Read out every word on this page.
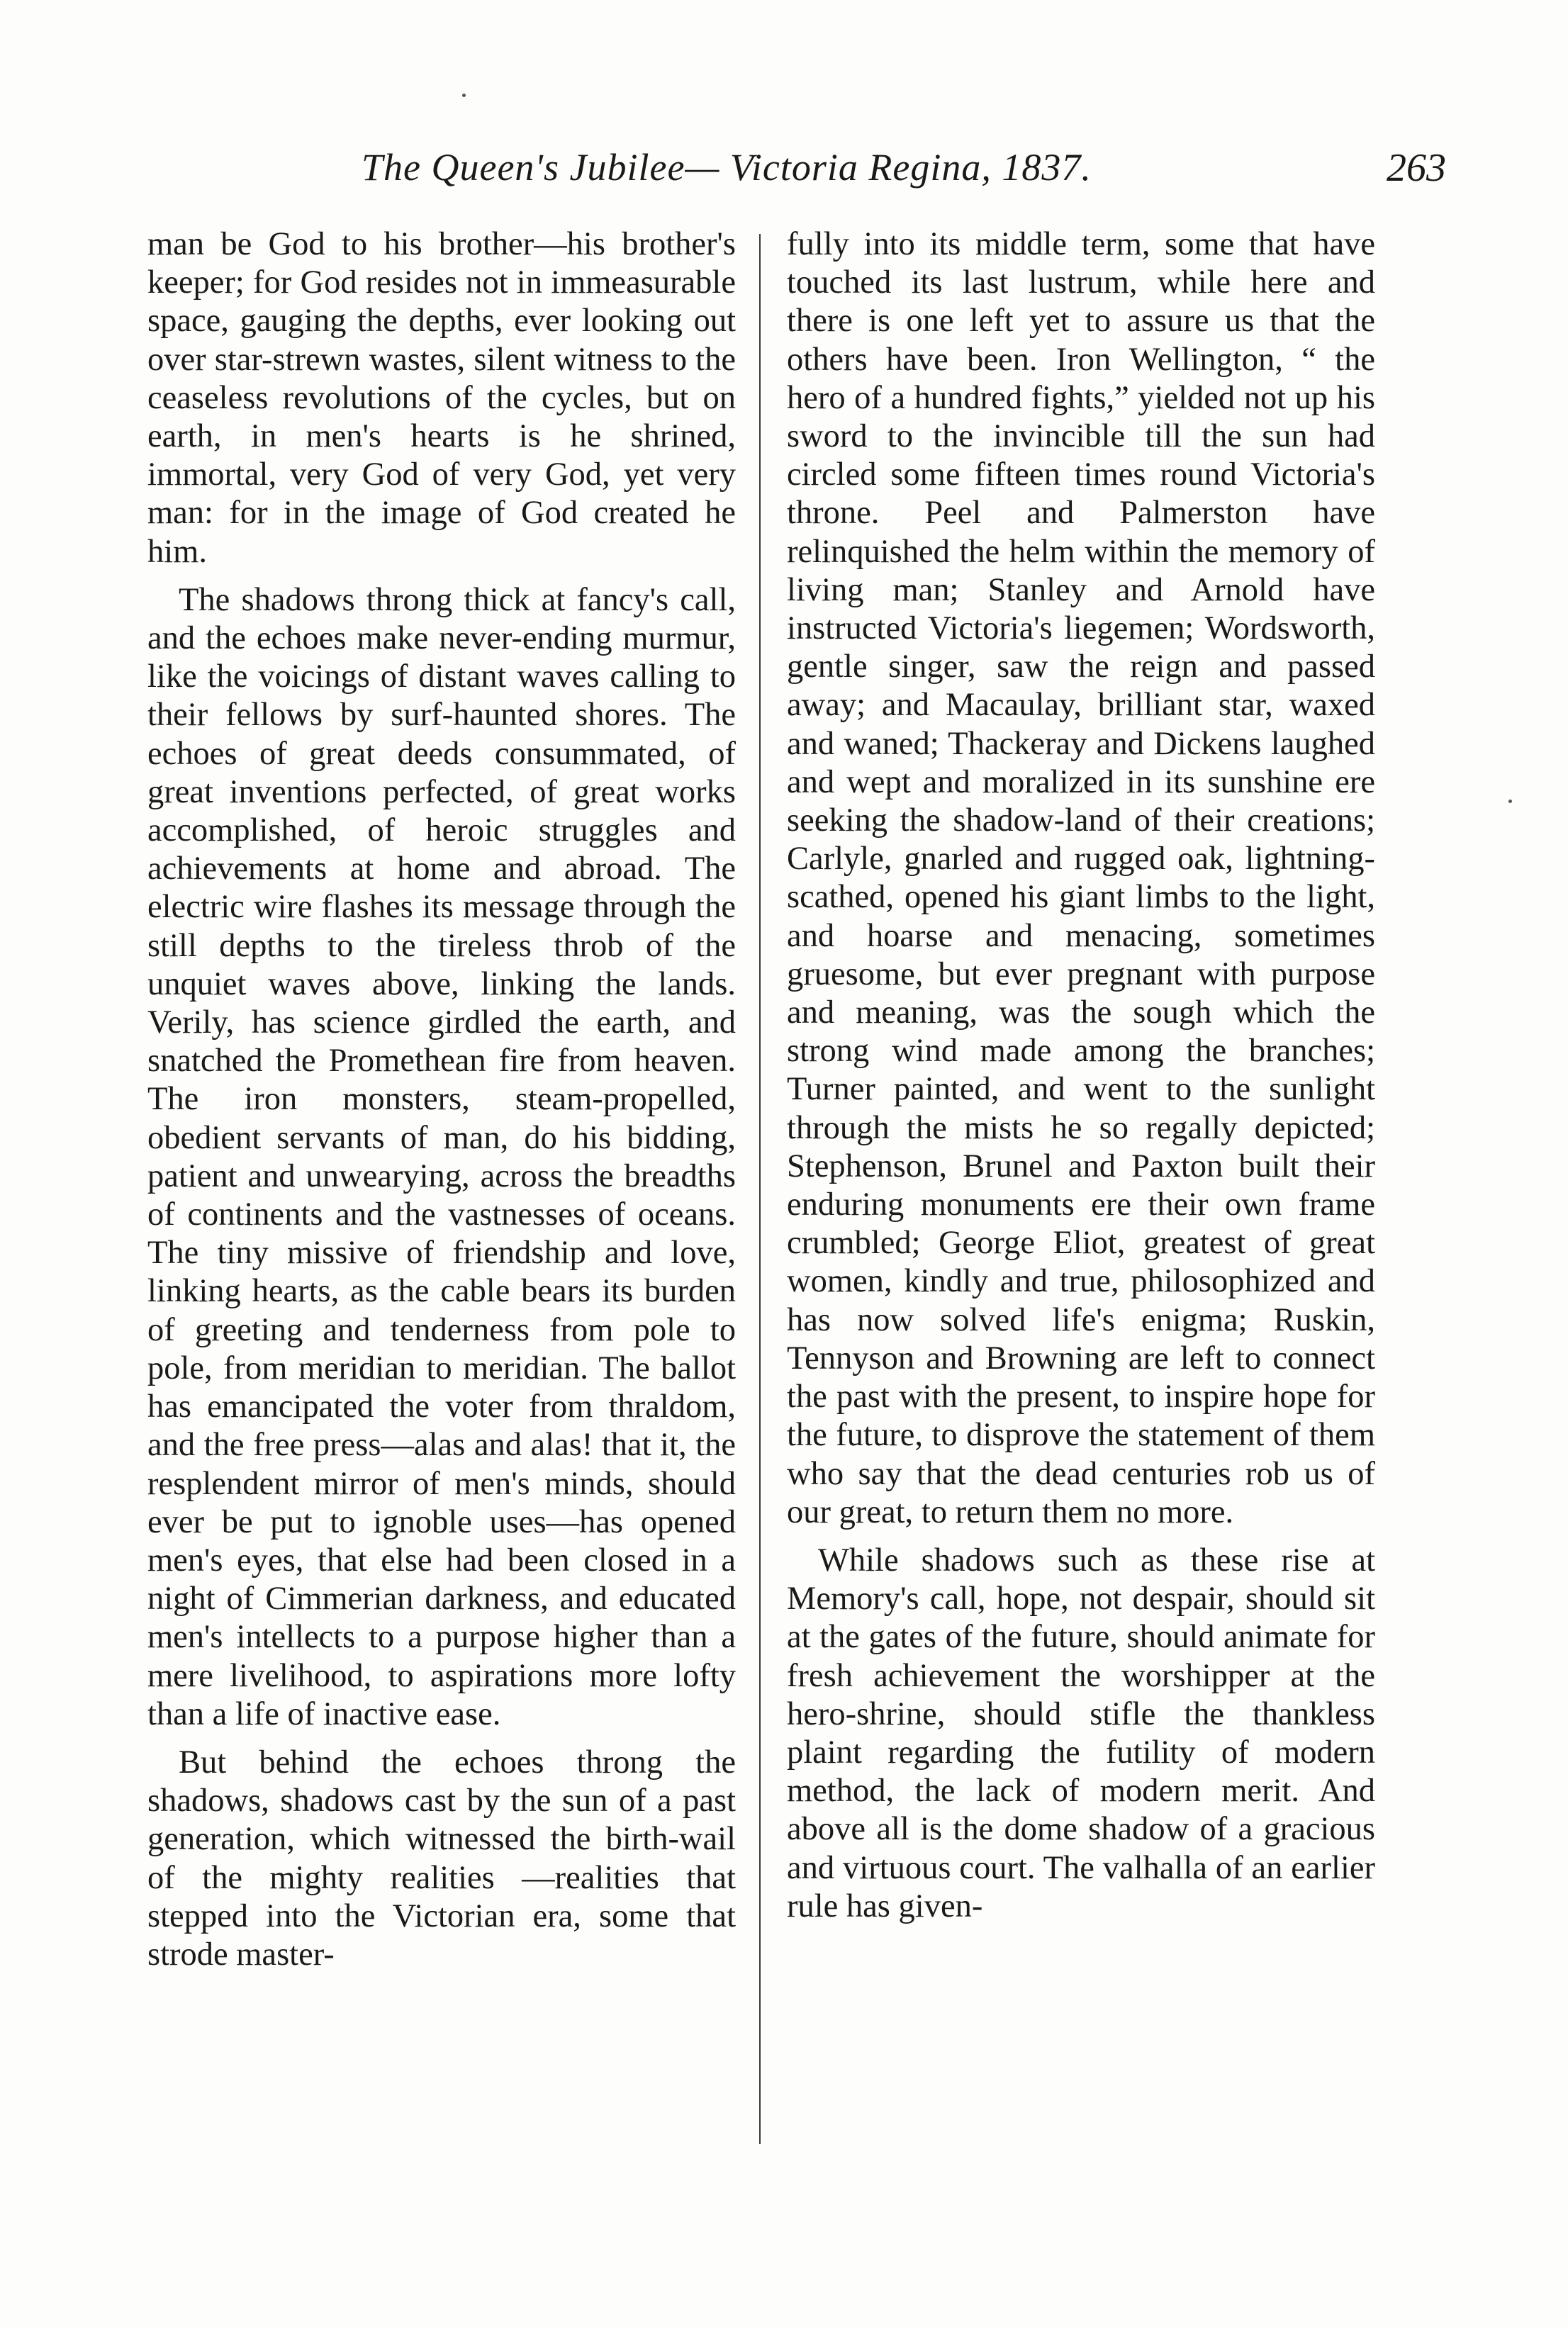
The Queen's Jubilee— Victoria Regina, 1837.	263

man be God to his brother—his brother's keeper; for God resides not in immeasurable space, gauging the depths, ever looking out over star-strewn wastes, silent witness to the ceaseless revolutions of the cycles, but on earth, in men's hearts is he shrined, immortal, very God of very God, yet very man: for in the image of God created he him.

The shadows throng thick at fancy's call, and the echoes make never-ending murmur, like the voicings of distant waves calling to their fellows by surf-haunted shores. The echoes of great deeds consummated, of great inventions perfected, of great works accomplished, of heroic struggles and achievements at home and abroad. The electric wire flashes its message through the still depths to the tireless throb of the unquiet waves above, linking the lands. Verily, has science girdled the earth, and snatched the Promethean fire from heaven. The iron monsters, steam-propelled, obedient servants of man, do his bidding, patient and unwearying, across the breadths of continents and the vastnesses of oceans. The tiny missive of friendship and love, linking hearts, as the cable bears its burden of greeting and tenderness from pole to pole, from meridian to meridian. The ballot has emancipated the voter from thraldom, and the free press—alas and alas! that it, the resplendent mirror of men's minds, should ever be put to ignoble uses—has opened men's eyes, that else had been closed in a night of Cimmerian darkness, and educated men's intellects to a purpose higher than a mere livelihood, to aspirations more lofty than a life of inactive ease.

But behind the echoes throng the shadows, shadows cast by the sun of a past generation, which witnessed the birth-wail of the mighty realities —realities that stepped into the Victorian era, some that strode master-

fully into its middle term, some that have touched its last lustrum, while here and there is one left yet to assure us that the others have been. Iron Wellington, “ the hero of a hundred fights,” yielded not up his sword to the invincible till the sun had circled some fifteen times round Victoria's throne. Peel and Palmerston have relinquished the helm within the memory of living man; Stanley and Arnold have instructed Victoria's liegemen; Wordsworth, gentle singer, saw the reign and passed away; and Macaulay, brilliant star, waxed and waned; Thackeray and Dickens laughed and wept and moralized in its sunshine ere seeking the shadow-land of their creations; Carlyle, gnarled and rugged oak, lightning-scathed, opened his giant limbs to the light, and hoarse and menacing, sometimes gruesome, but ever pregnant with purpose and meaning, was the sough which the strong wind made among the branches; Turner painted, and went to the sunlight through the mists he so regally depicted; Stephenson, Brunel and Paxton built their enduring monuments ere their own frame crumbled; George Eliot, greatest of great women, kindly and true, philosophized and has now solved life's enigma; Ruskin, Tennyson and Browning are left to connect the past with the present, to inspire hope for the future, to disprove the statement of them who say that the dead centuries rob us of our great, to return them no more.

While shadows such as these rise at Memory's call, hope, not despair, should sit at the gates of the future, should animate for fresh achievement the worshipper at the hero-shrine, should stifle the thankless plaint regarding the futility of modern method, the lack of modern merit. And above all is the dome shadow of a gracious and virtuous court. The valhalla of an earlier rule has given-
